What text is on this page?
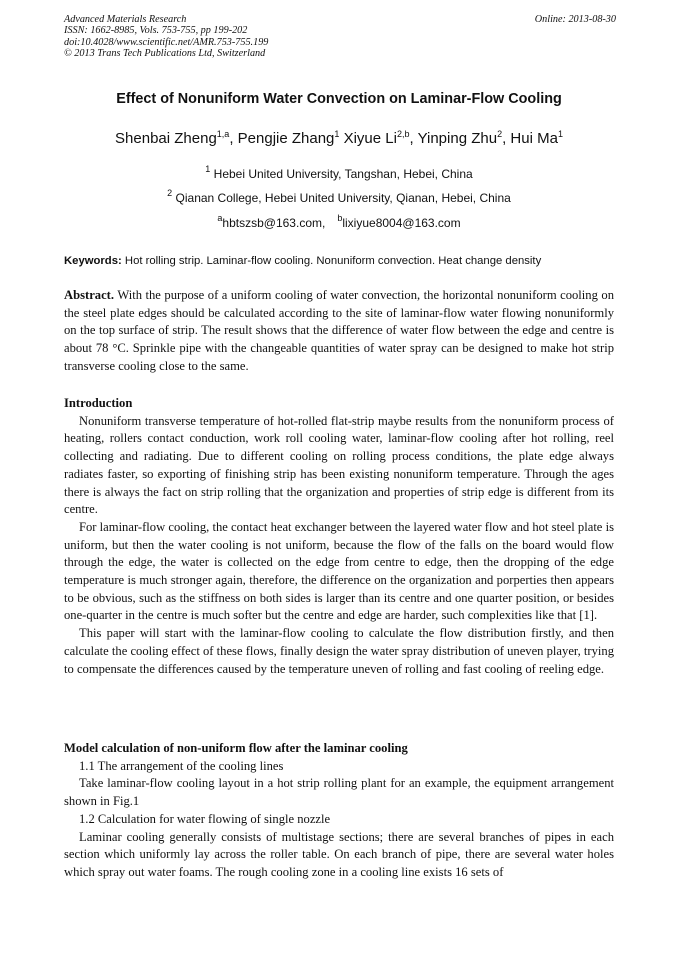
Advanced Materials Research
ISSN: 1662-8985, Vols. 753-755, pp 199-202
doi:10.4028/www.scientific.net/AMR.753-755.199
© 2013 Trans Tech Publications Ltd, Switzerland
Online: 2013-08-30
Effect of Nonuniform Water Convection on Laminar-Flow Cooling
Shenbai Zheng$^{1,a}$, Pengjie Zhang$^1$ Xiyue Li$^{2,b}$, Yinping Zhu$^2$, Hui Ma$^1$
$^1$ Hebei United University, Tangshan, Hebei, China
$^2$ Qianan College, Hebei United University, Qianan, Hebei, China
$^a$hbtszsb@163.com, $^b$lixiyue8004@163.com
Keywords: Hot rolling strip. Laminar-flow cooling. Nonuniform convection. Heat change density

Abstract. With the purpose of a uniform cooling of water convection, the horizontal nonuniform cooling on the steel plate edges should be calculated according to the site of laminar-flow water flowing nonuniformly on the top surface of strip. The result shows that the difference of water flow between the edge and centre is about 78 °C. Sprinkle pipe with the changeable quantities of water spray can be designed to make hot strip transverse cooling close to the same.

Introduction

Nonuniform transverse temperature of hot-rolled flat-strip maybe results from the nonuniform process of heating, rollers contact conduction, work roll cooling water, laminar-flow cooling after hot rolling, reel collecting and radiating. Due to different cooling on rolling process conditions, the plate edge always radiates faster, so exporting of finishing strip has been existing nonuniform temperature. Through the ages there is always the fact on strip rolling that the organization and properties of strip edge is different from its centre.

For laminar-flow cooling, the contact heat exchanger between the layered water flow and hot steel plate is uniform, but then the water cooling is not uniform, because the flow of the falls on the board would flow through the edge, the water is collected on the edge from centre to edge, then the dropping of the edge temperature is much stronger again, therefore, the difference on the organization and porperties then appears to be obvious, such as the stiffness on both sides is larger than its centre and one quarter position, or besides one-quarter in the centre is much softer but the centre and edge are harder, such complexities like that [1].

This paper will start with the laminar-flow cooling to calculate the flow distribution firstly, and then calculate the cooling effect of these flows, finally design the water spray distribution of uneven player, trying to compensate the differences caused by the temperature uneven of rolling and fast cooling of reeling edge.

Model calculation of non-uniform flow after the laminar cooling

1.1 The arrangement of the cooling lines

Take laminar-flow cooling layout in a hot strip rolling plant for an example, the equipment arrangement shown in Fig.1

1.2 Calculation for water flowing of single nozzle

Laminar cooling generally consists of multistage sections; there are several branches of pipes in each section which uniformly lay across the roller table. On each branch of pipe, there are several water holes which spray out water foams. The rough cooling zone in a cooling line exists 16 sets of
